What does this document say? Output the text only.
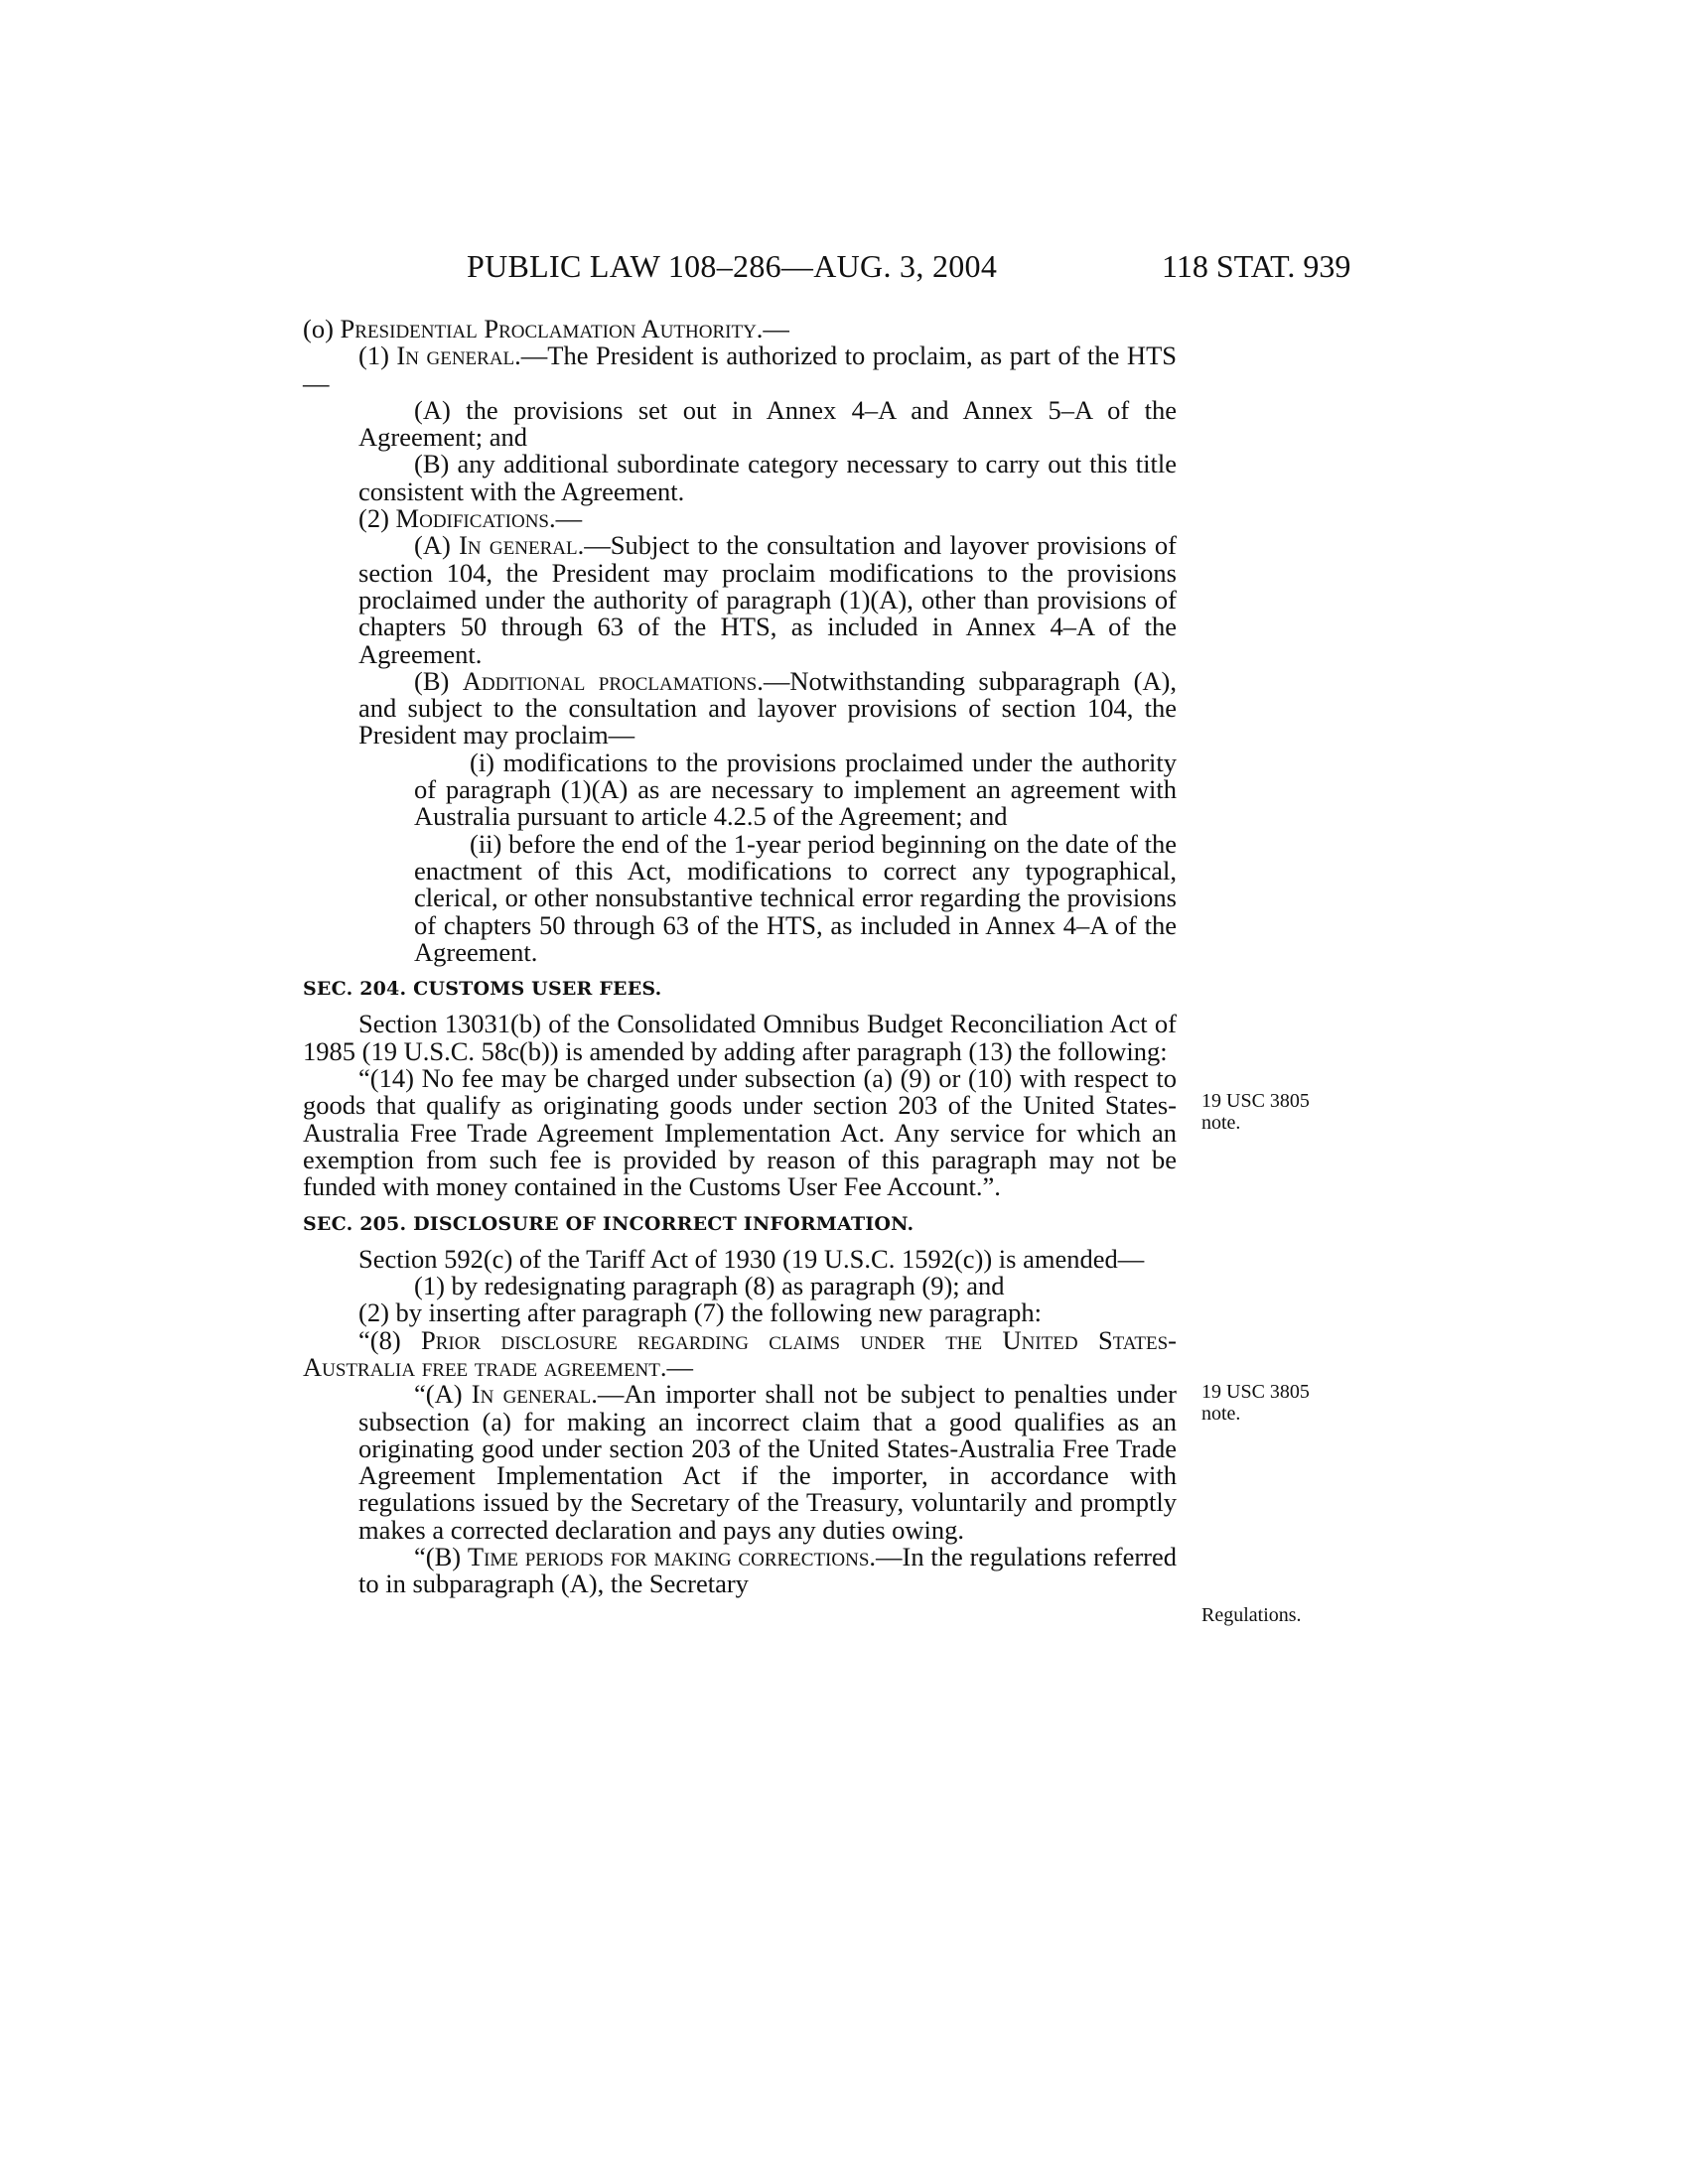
PUBLIC LAW 108–286—AUG. 3, 2004	118 STAT. 939
19 USC 3805
note.
19 USC 3805
note.
Regulations.

(o) Presidential Proclamation Authority.—

(1) In general.—The President is authorized to proclaim, as part of the HTS—

(A) the provisions set out in Annex 4–A and Annex 5–A of the Agreement; and

(B) any additional subordinate category necessary to carry out this title consistent with the Agreement.

(2) Modifications.—

(A) In general.—Subject to the consultation and layover provisions of section 104, the President may proclaim modifications to the provisions proclaimed under the authority of paragraph (1)(A), other than provisions of chapters 50 through 63 of the HTS, as included in Annex 4–A of the Agreement.

(B) Additional proclamations.—Notwithstanding subparagraph (A), and subject to the consultation and layover provisions of section 104, the President may proclaim—

(i) modifications to the provisions proclaimed under the authority of paragraph (1)(A) as are necessary to implement an agreement with Australia pursuant to article 4.2.5 of the Agreement; and

(ii) before the end of the 1-year period beginning on the date of the enactment of this Act, modifications to correct any typographical, clerical, or other nonsubstantive technical error regarding the provisions of chapters 50 through 63 of the HTS, as included in Annex 4–A of the Agreement.

SEC. 204. CUSTOMS USER FEES.

Section 13031(b) of the Consolidated Omnibus Budget Reconciliation Act of 1985 (19 U.S.C. 58c(b)) is amended by adding after paragraph (13) the following:

“(14) No fee may be charged under subsection (a) (9) or (10) with respect to goods that qualify as originating goods under section 203 of the United States-Australia Free Trade Agreement Implementation Act. Any service for which an exemption from such fee is provided by reason of this paragraph may not be funded with money contained in the Customs User Fee Account.”.

SEC. 205. DISCLOSURE OF INCORRECT INFORMATION.

Section 592(c) of the Tariff Act of 1930 (19 U.S.C. 1592(c)) is amended—

(1) by redesignating paragraph (8) as paragraph (9); and

(2) by inserting after paragraph (7) the following new paragraph:

“(8) Prior disclosure regarding claims under the United States-Australia free trade agreement.—

“(A) In general.—An importer shall not be subject to penalties under subsection (a) for making an incorrect claim that a good qualifies as an originating good under section 203 of the United States-Australia Free Trade Agreement Implementation Act if the importer, in accordance with regulations issued by the Secretary of the Treasury, voluntarily and promptly makes a corrected declaration and pays any duties owing.

“(B) Time periods for making corrections.—In the regulations referred to in subparagraph (A), the Secretary
